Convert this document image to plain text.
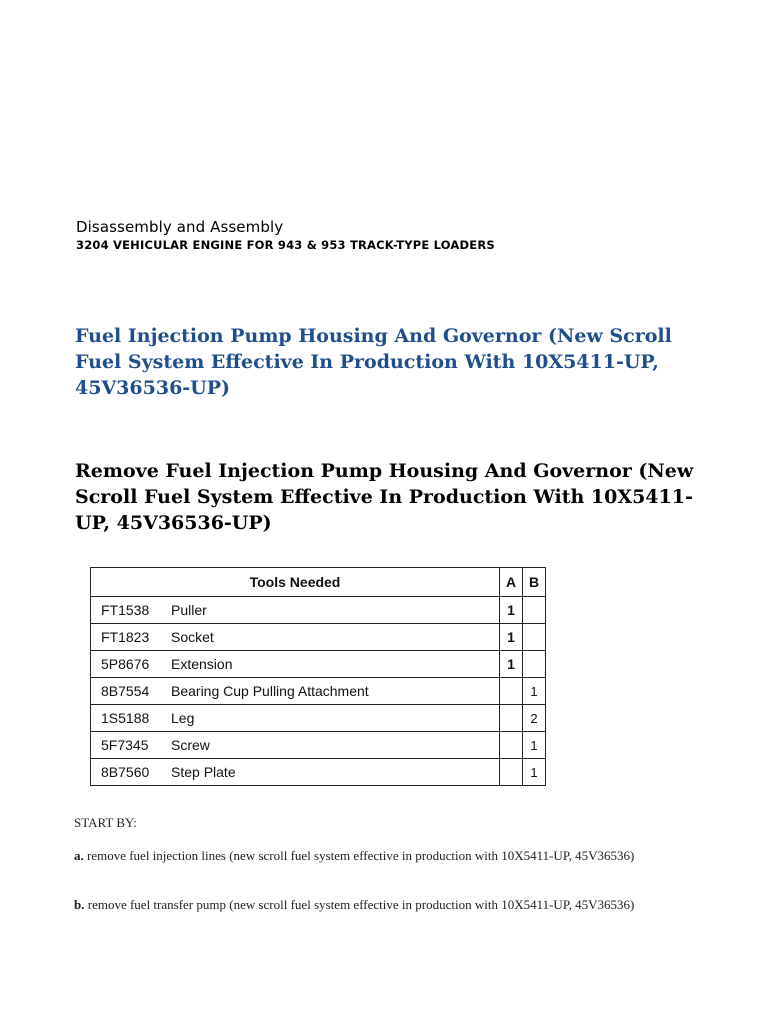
Disassembly and Assembly
3204 VEHICULAR ENGINE FOR 943 & 953 TRACK-TYPE LOADERS
Fuel Injection Pump Housing And Governor (New Scroll Fuel System Effective In Production With 10X5411-UP, 45V36536-UP)
Remove Fuel Injection Pump Housing And Governor (New Scroll Fuel System Effective In Production With 10X5411-UP, 45V36536-UP)
Tools Needed		A	B
FT1538	Puller	1	
FT1823	Socket	1	
5P8676	Extension	1	
8B7554	Bearing Cup Pulling Attachment		1
1S5188	Leg		2
5F7345	Screw		1
8B7560	Step Plate		1
START BY:
a. remove fuel injection lines (new scroll fuel system effective in production with 10X5411-UP, 45V36536)
b. remove fuel transfer pump (new scroll fuel system effective in production with 10X5411-UP, 45V36536)
